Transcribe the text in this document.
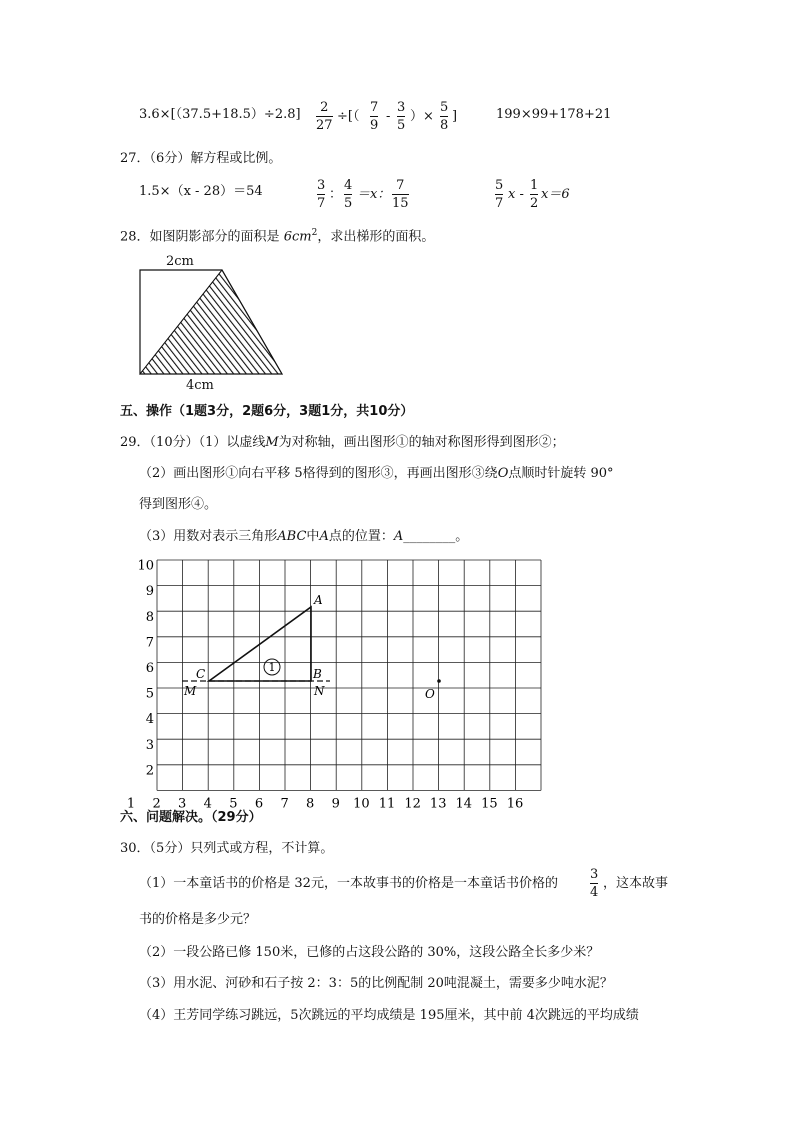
3.6×[（37.5+18.5）÷2.8] 2
27
÷[（
7
9
-
3
5
）×
5
8
]	199×99+178+21
27．（6分）解方程或比例。
1.5×（x - 28）＝54	3
7
：
4
5
＝x：
7
15
5
7
x -
1
2
x＝6
28．如图阴影部分的面积是 $6cm^2$，求出梯形的面积。
2cm
4cm
五、操作（1题3分，2题6分，3题1分，共10分）
29．（10分）（1）以虚线M为对称轴，画出图形①的轴对称图形得到图形②；
（2）画出图形①向右平移 5格得到的图形③，再画出图形③绕O点顺时针旋转 90°
得到图形④。
（3）用数对表示三角形ABC中A点的位置：A________。
1 2 3 4 5 6 7 8 9 10 11 12 13 14 15 16
2
3
4
5
6
7
8
9
10
1
A
B
C
M	N	O
六、问题解决。（29分）
30．（5分）只列式或方程，不计算。
（1）一本童话书的价格是 32元，一本故事书的价格是一本童话书价格的
3
4
，这本故事
书的价格是多少元？
（2）一段公路已修 150米，已修的占这段公路的 30%，这段公路全长多少米？
（3）用水泥、河砂和石子按 2：3：5的比例配制 20吨混凝土，需要多少吨水泥？
（4）王芳同学练习跳远，5次跳远的平均成绩是 195厘米，其中前 4次跳远的平均成绩
